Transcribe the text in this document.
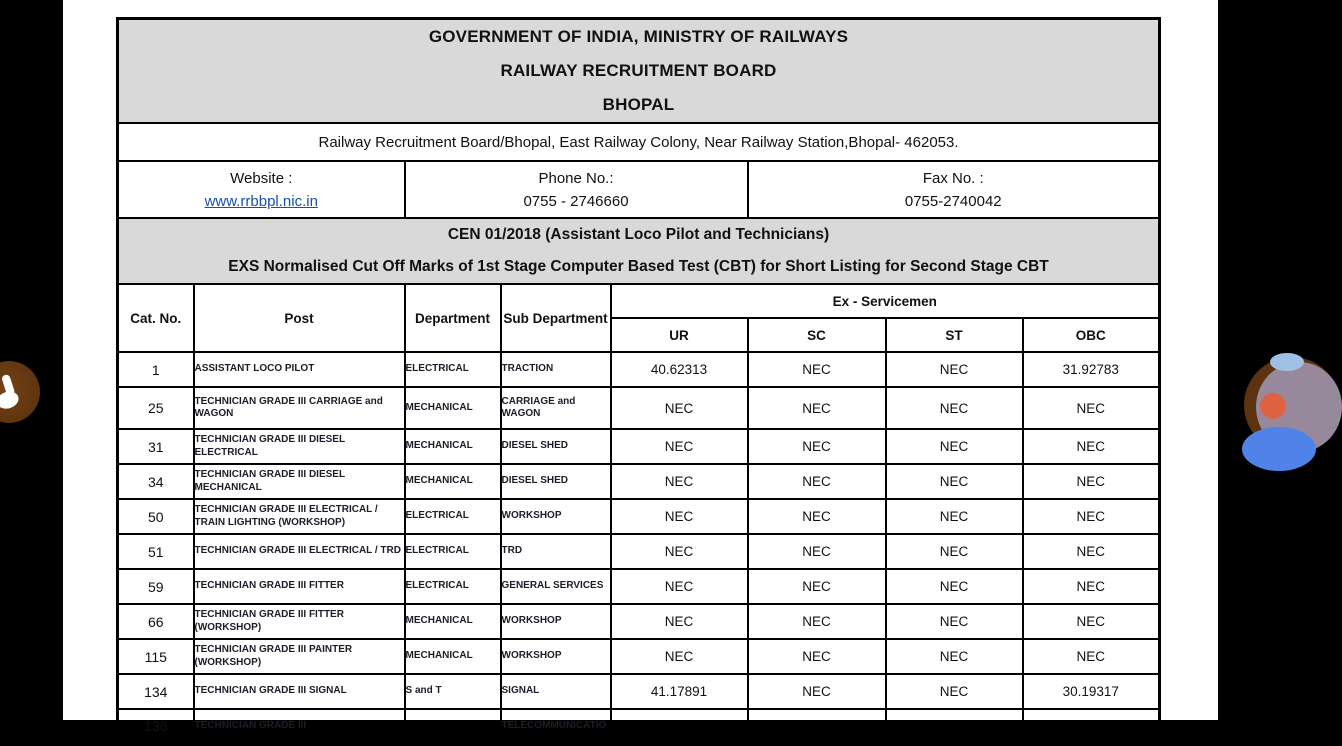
GOVERNMENT OF INDIA, MINISTRY OF RAILWAYS
RAILWAY RECRUITMENT BOARD
BHOPAL							

Railway Recruitment Board/Bhopal, East Railway Colony, Near Railway Station,Bhopal- 462053.							

Website :
www.rrbbpl.nic.in

Phone No.:
0755 - 2746660

Fax No. :
0755-2740042

CEN 01/2018 (Assistant Loco Pilot and Technicians)
EXS Normalised Cut Off Marks of 1st Stage Computer Based Test (CBT) for Short Listing for Second Stage CBT							

Cat. No.	Post	Department	Sub Department	Ex - Servicemen			
				UR	SC	ST	OBC
1	ASSISTANT LOCO PILOT	ELECTRICAL	TRACTION	40.62313	NEC	NEC	31.92783
25	TECHNICIAN GRADE III CARRIAGE and WAGON	MECHANICAL	CARRIAGE and WAGON	NEC	NEC	NEC	NEC
31	TECHNICIAN GRADE III DIESEL ELECTRICAL	MECHANICAL	DIESEL SHED	NEC	NEC	NEC	NEC
34	TECHNICIAN GRADE III DIESEL MECHANICAL	MECHANICAL	DIESEL SHED	NEC	NEC	NEC	NEC
50	TECHNICIAN GRADE III ELECTRICAL / TRAIN LIGHTING (WORKSHOP)	ELECTRICAL	WORKSHOP	NEC	NEC	NEC	NEC
51	TECHNICIAN GRADE III ELECTRICAL / TRD	ELECTRICAL	TRD	NEC	NEC	NEC	NEC
59	TECHNICIAN GRADE III FITTER	ELECTRICAL	GENERAL SERVICES	NEC	NEC	NEC	NEC
66	TECHNICIAN GRADE III FITTER (WORKSHOP)	MECHANICAL	WORKSHOP	NEC	NEC	NEC	NEC
115	TECHNICIAN GRADE III PAINTER (WORKSHOP)	MECHANICAL	WORKSHOP	NEC	NEC	NEC	NEC
134	TECHNICIAN GRADE III SIGNAL	S and T	SIGNAL	41.17891	NEC	NEC	30.19317
136	TECHNICIAN GRADE III		TELECOMMUNICATIO				
